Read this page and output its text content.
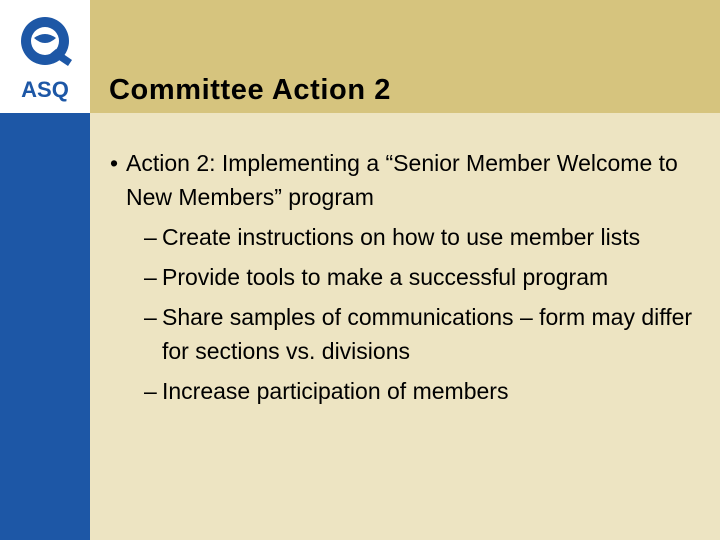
ASQ Committee Action 2
• Action 2: Implementing a “Senior Member Welcome to New Members” program
– Create instructions on how to use member lists
– Provide tools to make a successful program
– Share samples of communications – form may differ for sections vs. divisions
– Increase participation of members
